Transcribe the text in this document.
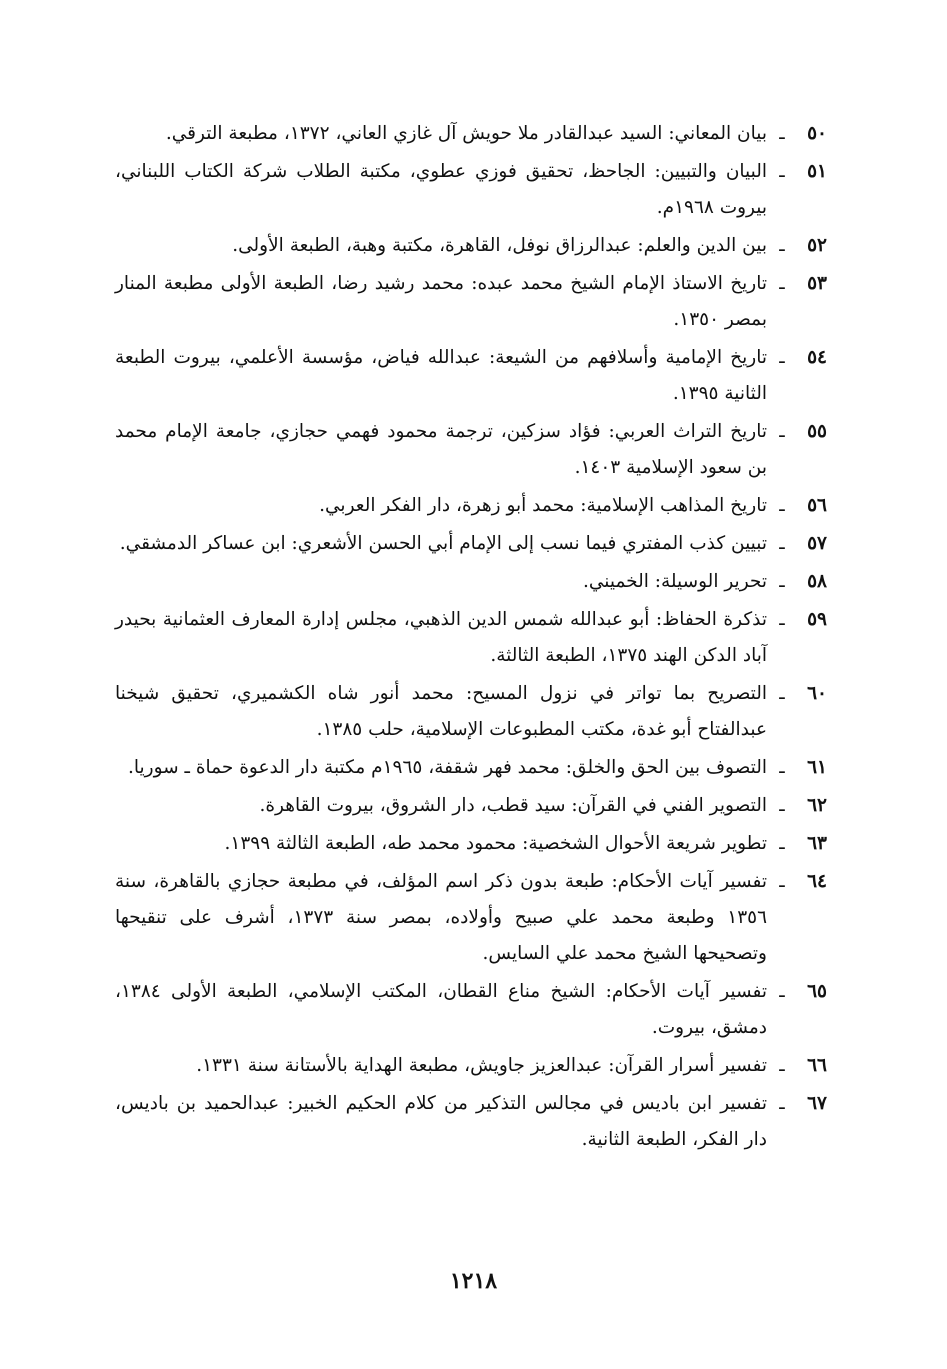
٥٠
ـ
بيان المعاني: السيد عبدالقادر ملا حويش آل غازي العاني، ١٣٧٢، مطبعة الترقي.
٥١
ـ
البيان والتبيين: الجاحظ، تحقيق فوزي عطوي، مكتبة الطلاب شركة الكتاب اللبناني، بيروت ١٩٦٨م.
٥٢
ـ
بين الدين والعلم: عبدالرزاق نوفل، القاهرة، مكتبة وهبة، الطبعة الأولى.
٥٣
ـ
تاريخ الاستاذ الإمام الشيخ محمد عبده: محمد رشيد رضا، الطبعة الأولى مطبعة المنار بمصر ١٣٥٠.
٥٤
ـ
تاريخ الإمامية وأسلافهم من الشيعة: عبدالله فياض، مؤسسة الأعلمي، بيروت الطبعة الثانية ١٣٩٥.
٥٥
ـ
تاريخ التراث العربي: فؤاد سزكين، ترجمة محمود فهمي حجازي، جامعة الإمام محمد بن سعود الإسلامية ١٤٠٣.
٥٦
ـ
تاريخ المذاهب الإسلامية: محمد أبو زهرة، دار الفكر العربي.
٥٧
ـ
تبيين كذب المفتري فيما نسب إلى الإمام أبي الحسن الأشعري: ابن عساكر الدمشقي.
٥٨
ـ
تحرير الوسيلة: الخميني.
٥٩
ـ
تذكرة الحفاظ: أبو عبدالله شمس الدين الذهبي، مجلس إدارة المعارف العثمانية بحيدر آباد الدكن الهند ١٣٧٥، الطبعة الثالثة.
٦٠
ـ
التصريح بما تواتر في نزول المسيح: محمد أنور شاه الكشميري، تحقيق شيخنا عبدالفتاح أبو غدة، مكتب المطبوعات الإسلامية، حلب ١٣٨٥.
٦١
ـ
التصوف بين الحق والخلق: محمد فهر شقفة، ١٩٦٥م مكتبة دار الدعوة حماة ـ سوريا.
٦٢
ـ
التصوير الفني في القرآن: سيد قطب، دار الشروق، بيروت القاهرة.
٦٣
ـ
تطوير شريعة الأحوال الشخصية: محمود محمد طه، الطبعة الثالثة ١٣٩٩.
٦٤
ـ
تفسير آيات الأحكام: طبعة بدون ذكر اسم المؤلف، في مطبعة حجازي بالقاهرة، سنة ١٣٥٦ وطبعة محمد علي صبيح وأولاده، بمصر سنة ١٣٧٣، أشرف على تنقيحها وتصحيحها الشيخ محمد علي السايس.
٦٥
ـ
تفسير آيات الأحكام: الشيخ مناع القطان، المكتب الإسلامي، الطبعة الأولى ١٣٨٤، دمشق، بيروت.
٦٦
ـ
تفسير أسرار القرآن: عبدالعزيز جاويش، مطبعة الهداية بالأستانة سنة ١٣٣١.
٦٧
ـ
تفسير ابن باديس في مجالس التذكير من كلام الحكيم الخبير: عبدالحميد بن باديس، دار الفكر، الطبعة الثانية.
١٢١٨
